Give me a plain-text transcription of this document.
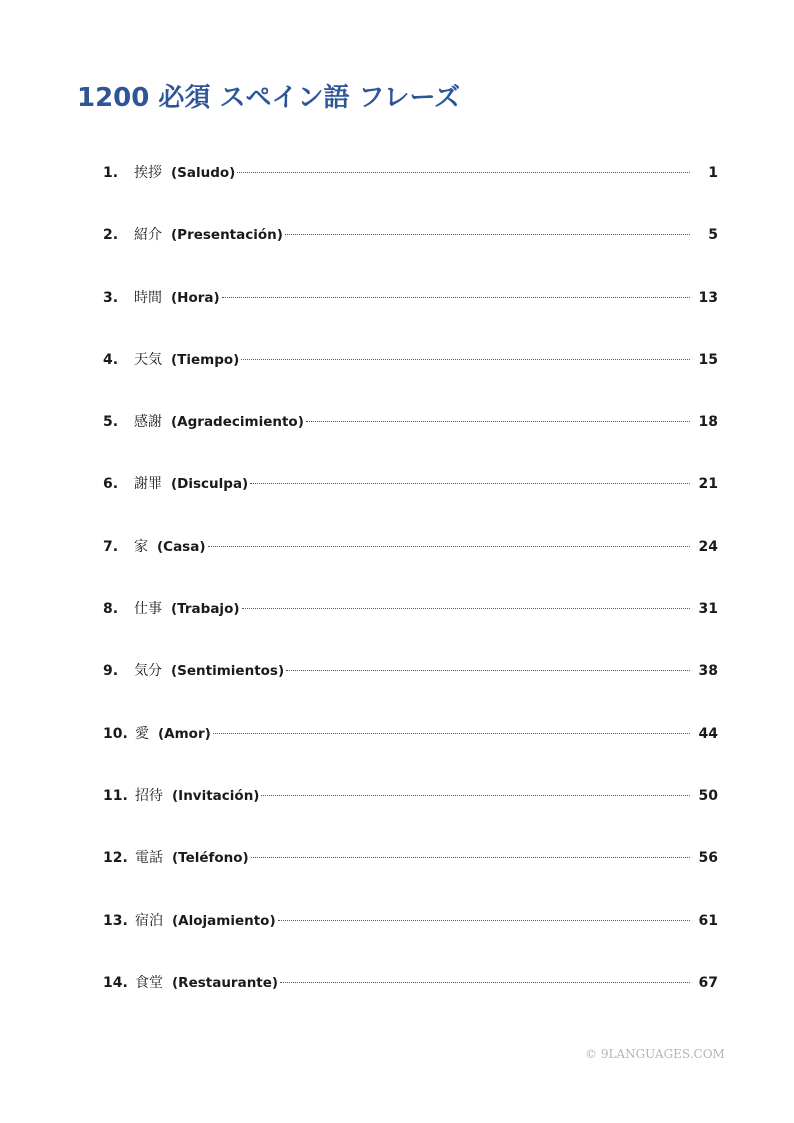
1200 必須 スペイン語 フレーズ
1.	挨拶 (Saludo)	1
2.	紹介 (Presentación)	5
3.	時間 (Hora)	13
4.	天気 (Tiempo)	15
5.	感謝 (Agradecimiento)	18
6.	謝罪 (Disculpa)	21
7.	家 (Casa)	24
8.	仕事 (Trabajo)	31
9.	気分 (Sentimientos)	38
10. 愛 (Amor)	44
11. 招待 (Invitación)	50
12. 電話 (Teléfono)	56
13. 宿泊 (Alojamiento)	61
14. 食堂 (Restaurante)	67
© 9LANGUAGES.COM
